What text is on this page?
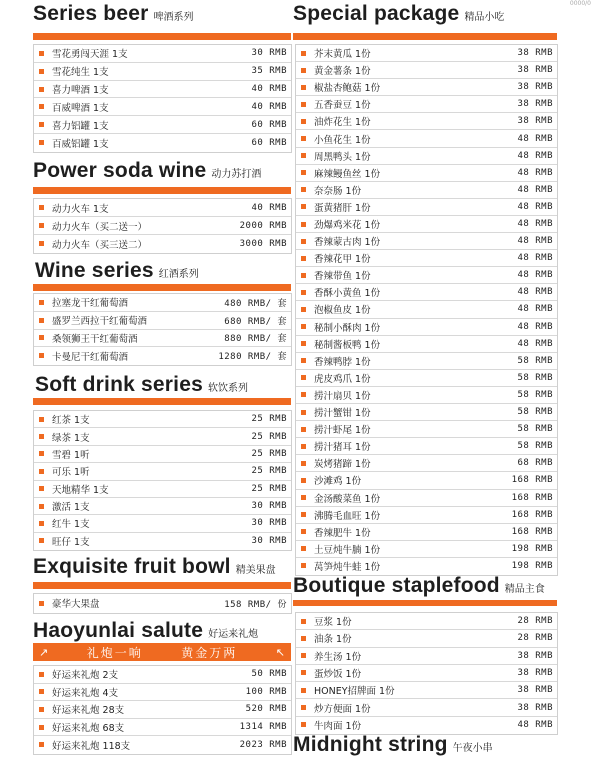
0000/0
Series beer 啤酒系列
雪花勇闯天涯 1支	30 RMB
雪花纯生 1支	35 RMB
喜力啤酒 1支	40 RMB
百威啤酒 1支	40 RMB
喜力铝罐 1支	60 RMB
百威铝罐 1支	60 RMB
Power soda wine 动力苏打酒
动力火车 1支	40 RMB
动力火车（买二送一）	2000 RMB
动力火车（买三送二）	3000 RMB
Wine series 红酒系列
拉塞龙干红葡萄酒	480 RMB/ 套
盛罗兰西拉干红葡萄酒	680 RMB/ 套
桑领狮王干红葡萄酒	880 RMB/ 套
卡曼尼干红葡萄酒	1280 RMB/ 套
Soft drink series 软饮系列
红茶 1支	25 RMB
绿茶 1支	25 RMB
雪碧 1听	25 RMB
可乐 1听	25 RMB
天地精华 1支	25 RMB
激活 1支	30 RMB
红牛 1支	30 RMB
旺仔 1支	30 RMB
Exquisite fruit bowl 精美果盘
豪华大果盘	158 RMB/ 份
Haoyunlai salute 好运来礼炮
↗	礼炮一响	黄金万两	↖
好运来礼炮 2支	50 RMB
好运来礼炮 4支	100 RMB
好运来礼炮 28支	520 RMB
好运来礼炮 68支	1314 RMB
好运来礼炮 118支	2023 RMB
Special package 精品小吃
芥末黄瓜 1份	38 RMB
黄金薯条 1份	38 RMB
椒盐杏鲍菇 1份	38 RMB
五香蚕豆 1份	38 RMB
油炸花生 1份	38 RMB
小鱼花生 1份	48 RMB
周黑鸭头 1份	48 RMB
麻辣鳗鱼丝 1份	48 RMB
奈奈肠 1份	48 RMB
蛋黄猪肝 1份	48 RMB
劲爆鸡米花 1份	48 RMB
香辣蒙古肉 1份	48 RMB
香辣花甲 1份	48 RMB
香辣带鱼 1份	48 RMB
香酥小黄鱼 1份	48 RMB
泡椒鱼皮 1份	48 RMB
秘制小酥肉 1份	48 RMB
秘制酱板鸭 1份	48 RMB
香辣鸭脖 1份	58 RMB
虎皮鸡爪 1份	58 RMB
捞汁扇贝 1份	58 RMB
捞汁蟹钳 1份	58 RMB
捞汁虾尾 1份	58 RMB
捞汁猪耳 1份	58 RMB
炭烤猪蹄 1份	68 RMB
沙滩鸡 1份	168 RMB
金汤酸菜鱼 1份	168 RMB
沸腾毛血旺 1份	168 RMB
香辣肥牛 1份	168 RMB
土豆炖牛腩 1份	198 RMB
莴笋炖牛蛙 1份	198 RMB
Boutique staplefood 精品主食
豆浆 1份	28 RMB
油条 1份	28 RMB
养生汤 1份	38 RMB
蛋炒饭 1份	38 RMB
HONEY招牌面 1份	38 RMB
炒方便面 1份	38 RMB
牛肉面 1份	48 RMB
Midnight string 午夜小串
